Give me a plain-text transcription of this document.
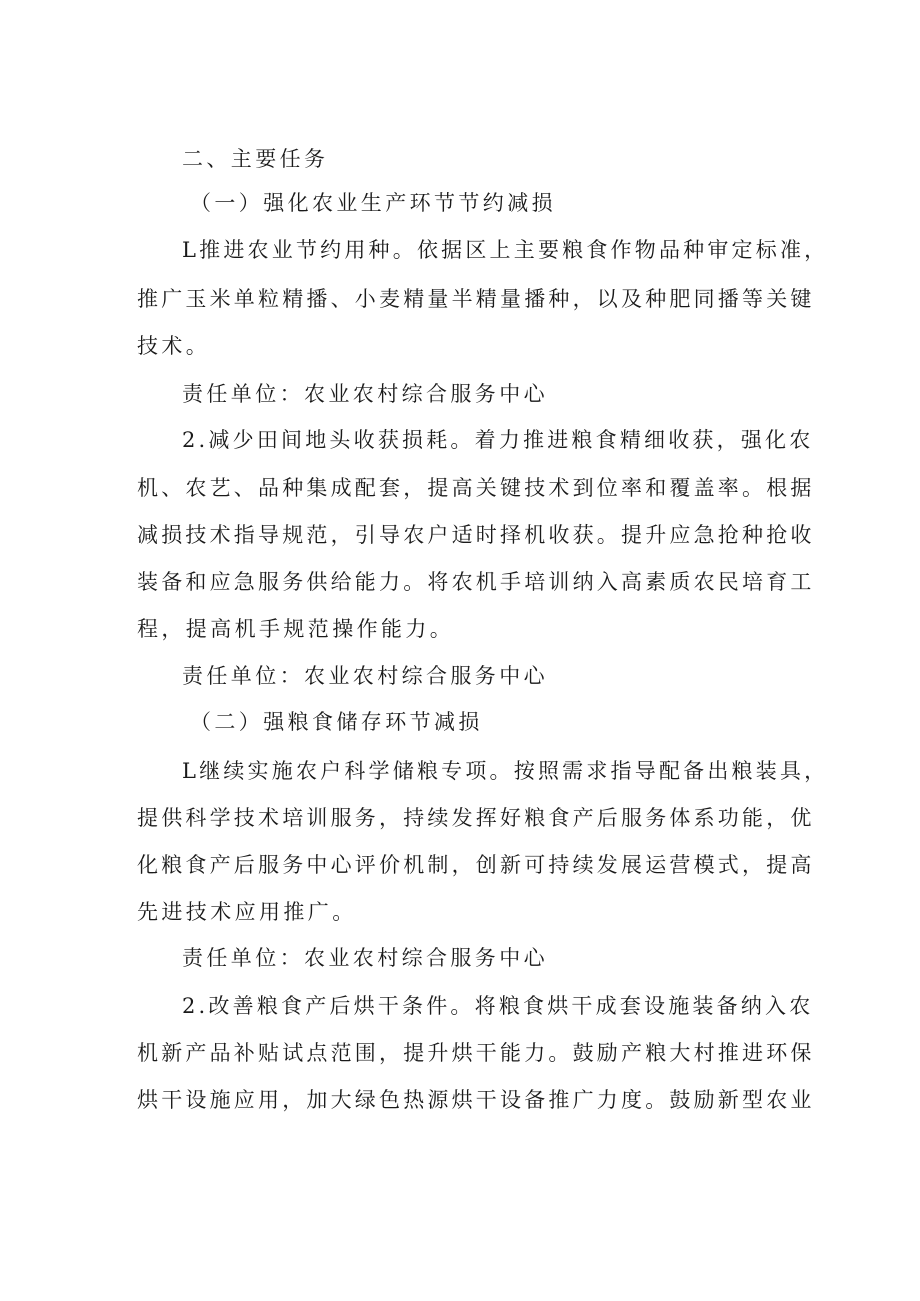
二、主要任务
（一）强化农业生产环节节约减损
L推进农业节约用种。依据区上主要粮食作物品种审定标准，
推广玉米单粒精播、小麦精量半精量播种，以及种肥同播等关键
技术。
责任单位：农业农村综合服务中心
2.减少田间地头收获损耗。着力推进粮食精细收获，强化农
机、农艺、品种集成配套，提高关键技术到位率和覆盖率。根据
减损技术指导规范，引导农户适时择机收获。提升应急抢种抢收
装备和应急服务供给能力。将农机手培训纳入高素质农民培育工
程，提高机手规范操作能力。
责任单位：农业农村综合服务中心
（二）强粮食储存环节减损
L继续实施农户科学储粮专项。按照需求指导配备出粮装具，
提供科学技术培训服务，持续发挥好粮食产后服务体系功能，优
化粮食产后服务中心评价机制，创新可持续发展运营模式，提高
先进技术应用推广。
责任单位：农业农村综合服务中心
2.改善粮食产后烘干条件。将粮食烘干成套设施装备纳入农
机新产品补贴试点范围，提升烘干能力。鼓励产粮大村推进环保
烘干设施应用，加大绿色热源烘干设备推广力度。鼓励新型农业
